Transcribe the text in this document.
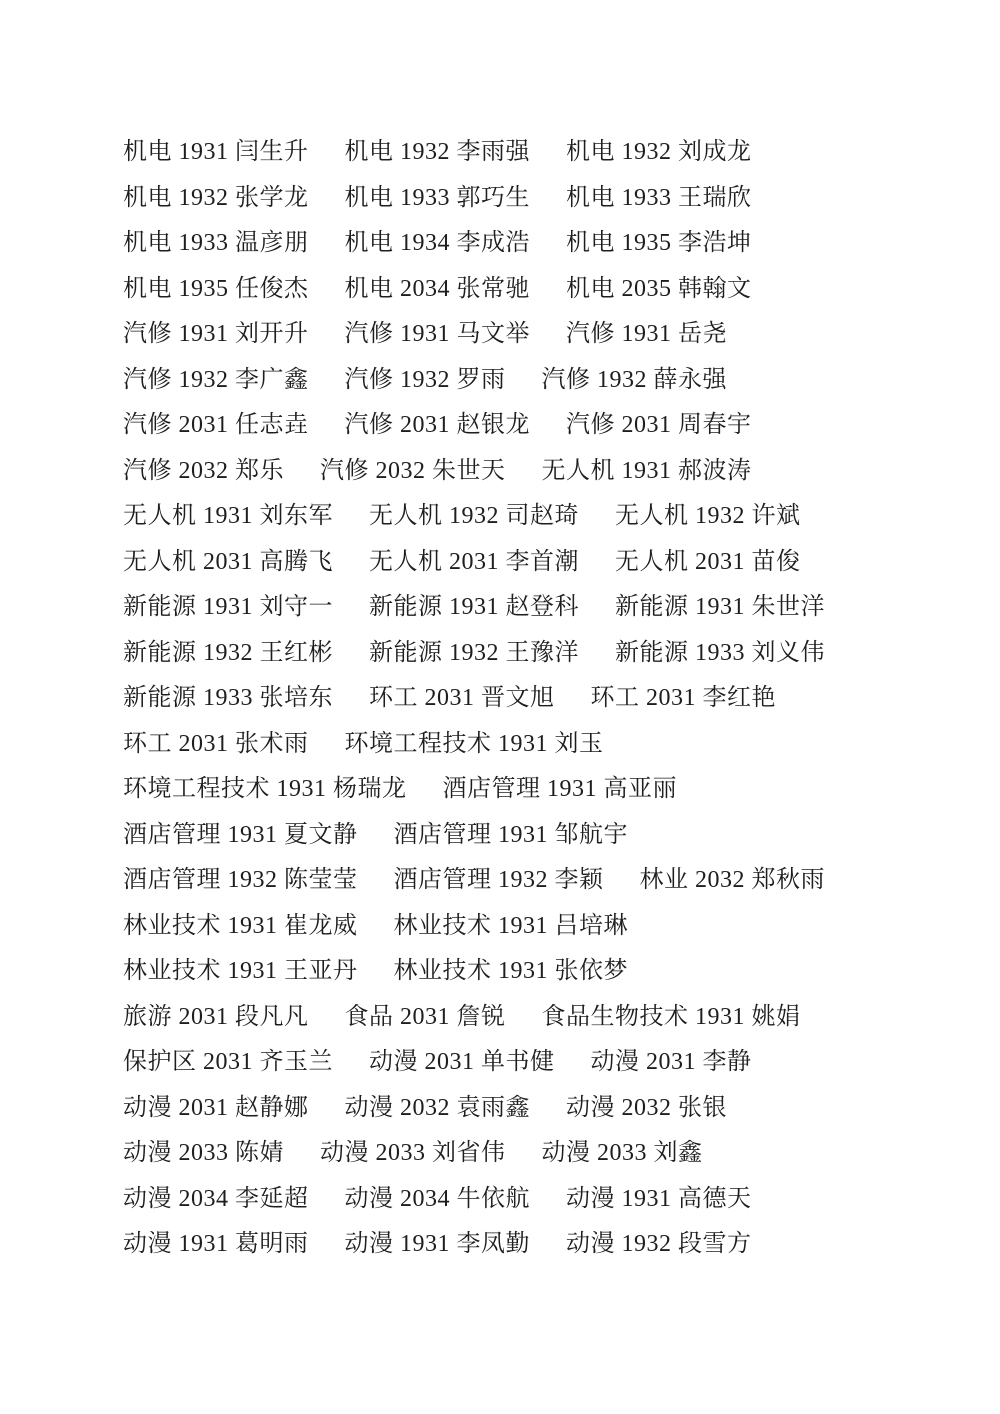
机电 1931 闫生升 机电 1932 李雨强 机电 1932 刘成龙
机电 1932 张学龙 机电 1933 郭巧生 机电 1933 王瑞欣
机电 1933 温彦朋 机电 1934 李成浩 机电 1935 李浩坤
机电 1935 任俊杰 机电 2034 张常驰 机电 2035 韩翰文
汽修 1931 刘开升 汽修 1931 马文举 汽修 1931 岳尧
汽修 1932 李广鑫 汽修 1932 罗雨 汽修 1932 薛永强
汽修 2031 任志垚 汽修 2031 赵银龙 汽修 2031 周春宇
汽修 2032 郑乐 汽修 2032 朱世天 无人机 1931 郝波涛
无人机 1931 刘东军 无人机 1932 司赵琦 无人机 1932 许斌
无人机 2031 高腾飞 无人机 2031 李首潮 无人机 2031 苗俊
新能源 1931 刘守一 新能源 1931 赵登科 新能源 1931 朱世洋
新能源 1932 王红彬 新能源 1932 王豫洋 新能源 1933 刘义伟
新能源 1933 张培东 环工 2031 晋文旭 环工 2031 李红艳
环工 2031 张术雨 环境工程技术 1931 刘玉
环境工程技术 1931 杨瑞龙 酒店管理 1931 高亚丽
酒店管理 1931 夏文静 酒店管理 1931 邹航宇
酒店管理 1932 陈莹莹 酒店管理 1932 李颖 林业 2032 郑秋雨
林业技术 1931 崔龙威 林业技术 1931 吕培琳
林业技术 1931 王亚丹 林业技术 1931 张依梦
旅游 2031 段凡凡 食品 2031 詹锐 食品生物技术 1931 姚娟
保护区 2031 齐玉兰 动漫 2031 单书健 动漫 2031 李静
动漫 2031 赵静娜 动漫 2032 袁雨鑫 动漫 2032 张银
动漫 2033 陈婧 动漫 2033 刘省伟 动漫 2033 刘鑫
动漫 2034 李延超 动漫 2034 牛依航 动漫 1931 高德天
动漫 1931 葛明雨 动漫 1931 李凤勤 动漫 1932 段雪方
